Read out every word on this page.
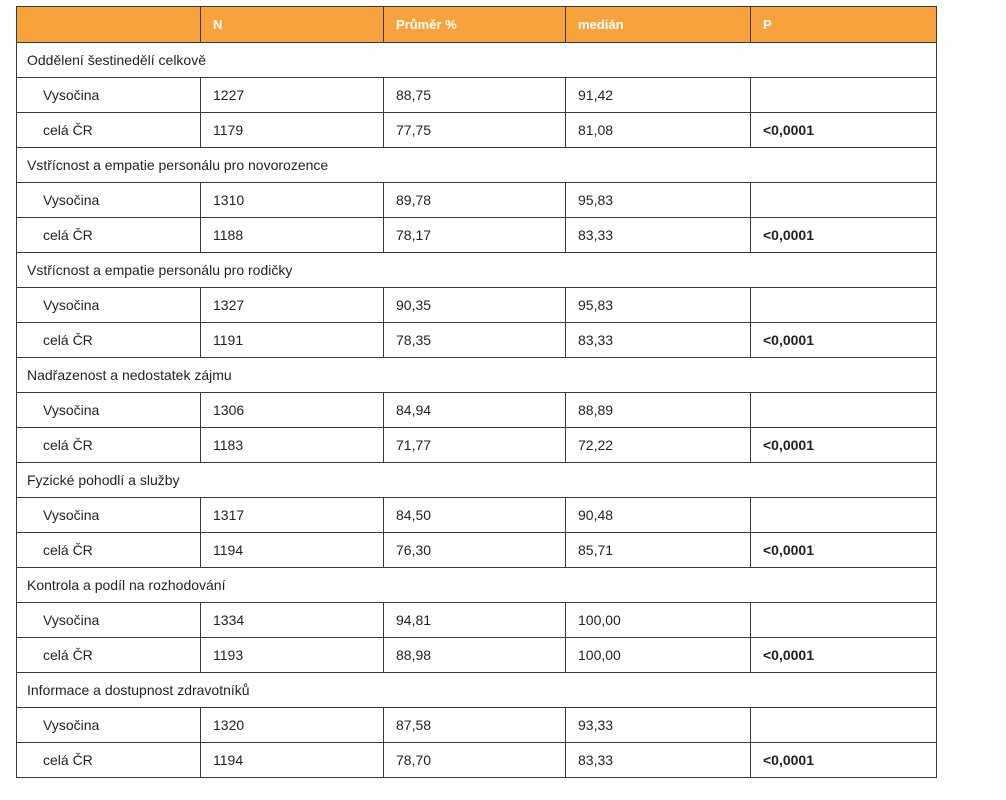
	N	Průměr %	medián	P
Oddělení šestinedělí celkově				
Vysočina	1227	88,75	91,42	
celá ČR	1179	77,75	81,08	<0,0001
Vstřícnost a empatie personálu pro novorozence				
Vysočina	1310	89,78	95,83	
celá ČR	1188	78,17	83,33	<0,0001
Vstřícnost a empatie personálu pro rodičky				
Vysočina	1327	90,35	95,83	
celá ČR	1191	78,35	83,33	<0,0001
Nadřazenost a nedostatek zájmu				
Vysočina	1306	84,94	88,89	
celá ČR	1183	71,77	72,22	<0,0001
Fyzické pohodlí a služby				
Vysočina	1317	84,50	90,48	
celá ČR	1194	76,30	85,71	<0,0001
Kontrola a podíl na rozhodování				
Vysočina	1334	94,81	100,00	
celá ČR	1193	88,98	100,00	<0,0001
Informace a dostupnost zdravotníků				
Vysočina	1320	87,58	93,33	
celá ČR	1194	78,70	83,33	<0,0001
